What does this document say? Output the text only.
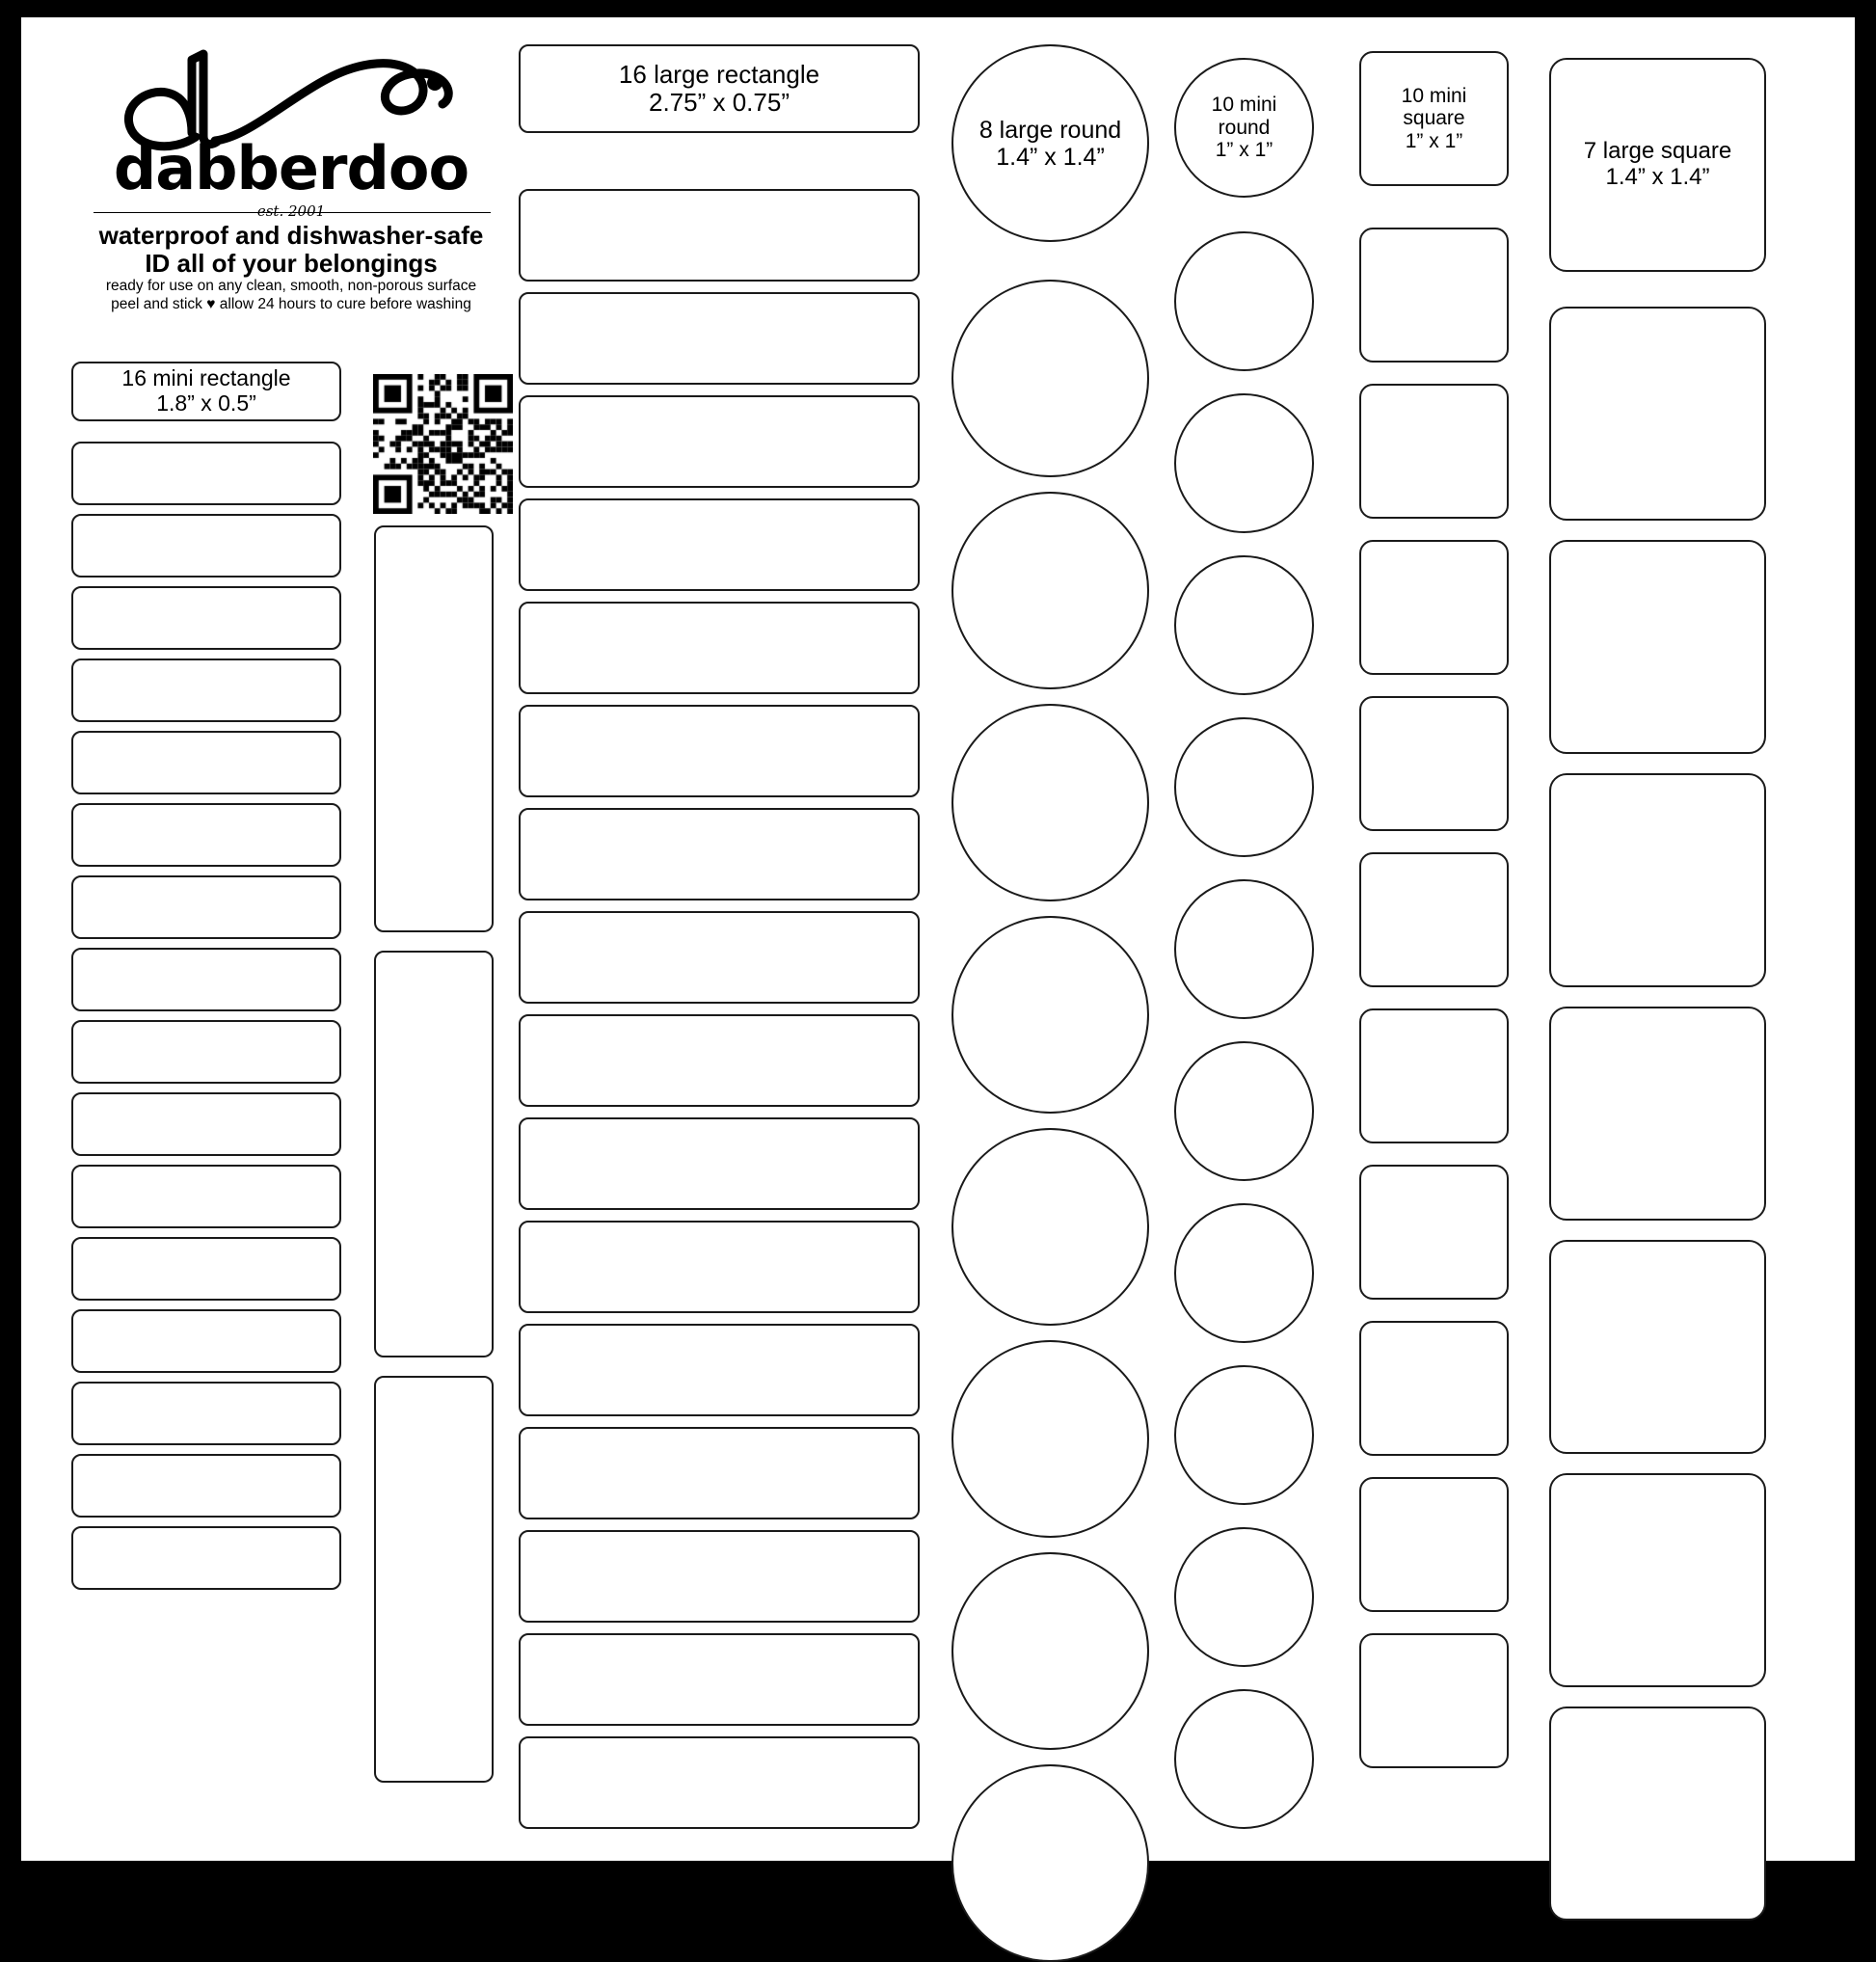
dabberdoo
est. 2001
waterproof and dishwasher-safe
ID all of your belongings
ready for use on any clean, smooth, non-porous surface
peel and stick ♥ allow 24 hours to cure before washing
16 mini rectangle
1.8” x 0.5”
16 large rectangle
2.75” x 0.75”
8 large round
1.4” x 1.4”
10 mini
round
1” x 1”
10 mini
square
1” x 1”	7 large square
1.4” x 1.4”
